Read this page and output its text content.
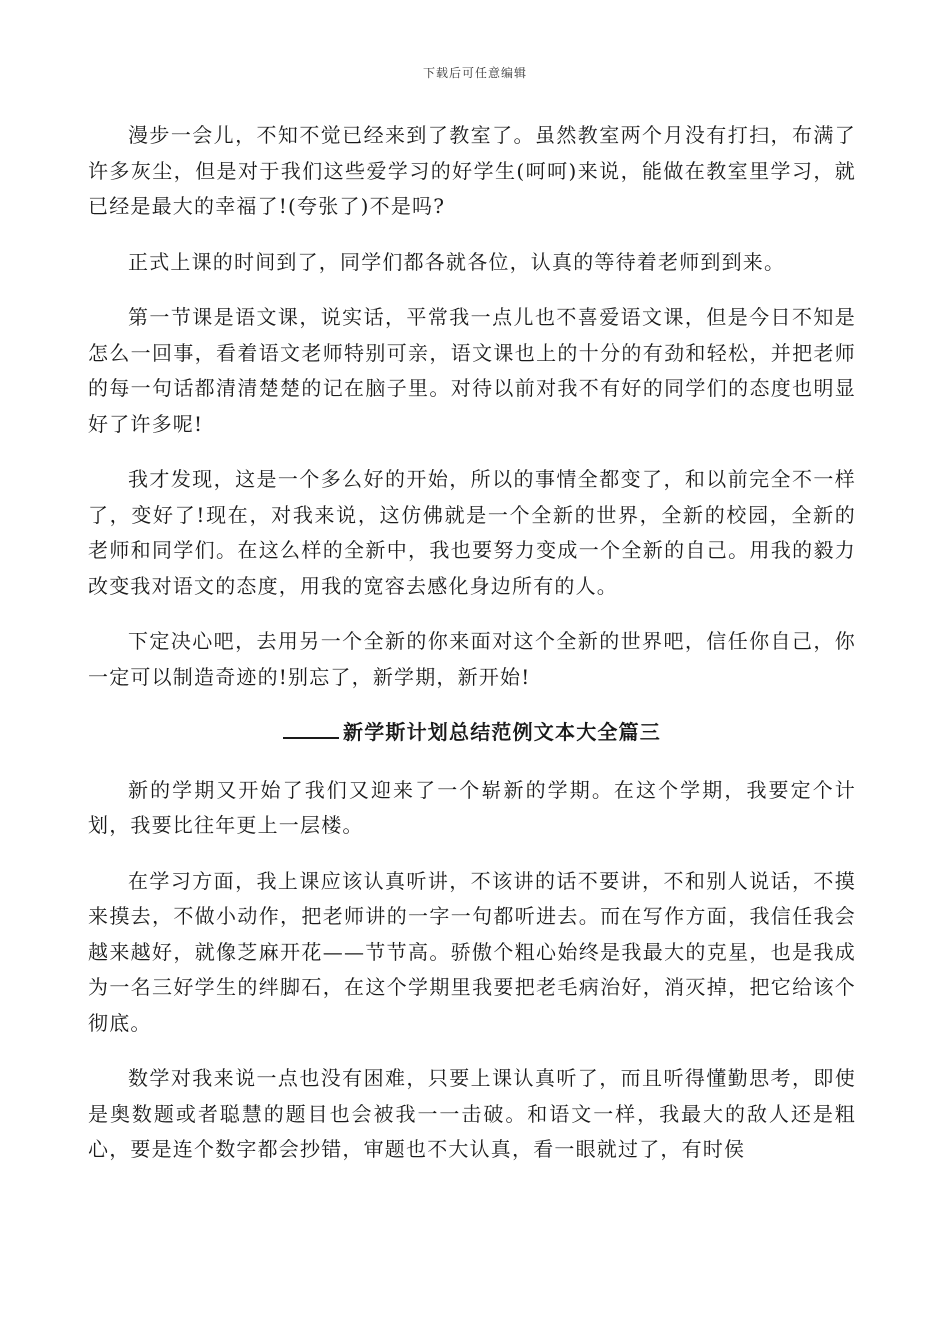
下载后可任意编辑

漫步一会儿，不知不觉已经来到了教室了。虽然教室两个月没有打扫，布满了许多灰尘，但是对于我们这些爱学习的好学生(呵呵)来说，能做在教室里学习，就已经是最大的幸福了!(夸张了)不是吗?

正式上课的时间到了，同学们都各就各位，认真的等待着老师到到来。

第一节课是语文课，说实话，平常我一点儿也不喜爱语文课，但是今日不知是怎么一回事，看着语文老师特别可亲，语文课也上的十分的有劲和轻松，并把老师的每一句话都清清楚楚的记在脑子里。对待以前对我不有好的同学们的态度也明显好了许多呢!

我才发现，这是一个多么好的开始，所以的事情全都变了，和以前完全不一样了，变好了!现在，对我来说，这仿佛就是一个全新的世界，全新的校园，全新的老师和同学们。在这么样的全新中，我也要努力变成一个全新的自己。用我的毅力改变我对语文的态度，用我的宽容去感化身边所有的人。

下定决心吧，去用另一个全新的你来面对这个全新的世界吧，信任你自己，你一定可以制造奇迹的!别忘了，新学期，新开始!

新学斯计划总结范例文本大全篇三

新的学期又开始了我们又迎来了一个崭新的学期。在这个学期，我要定个计划，我要比往年更上一层楼。

在学习方面，我上课应该认真听讲，不该讲的话不要讲，不和别人说话，不摸来摸去，不做小动作，把老师讲的一字一句都听进去。而在写作方面，我信任我会越来越好，就像芝麻开花——节节高。骄傲个粗心始终是我最大的克星，也是我成为一名三好学生的绊脚石，在这个学期里我要把老毛病治好，消灭掉，把它给该个彻底。

数学对我来说一点也没有困难，只要上课认真听了，而且听得懂勤思考，即使是奥数题或者聪慧的题目也会被我一一击破。和语文一样，我最大的敌人还是粗心，要是连个数字都会抄错，审题也不大认真，看一眼就过了，有时侯
